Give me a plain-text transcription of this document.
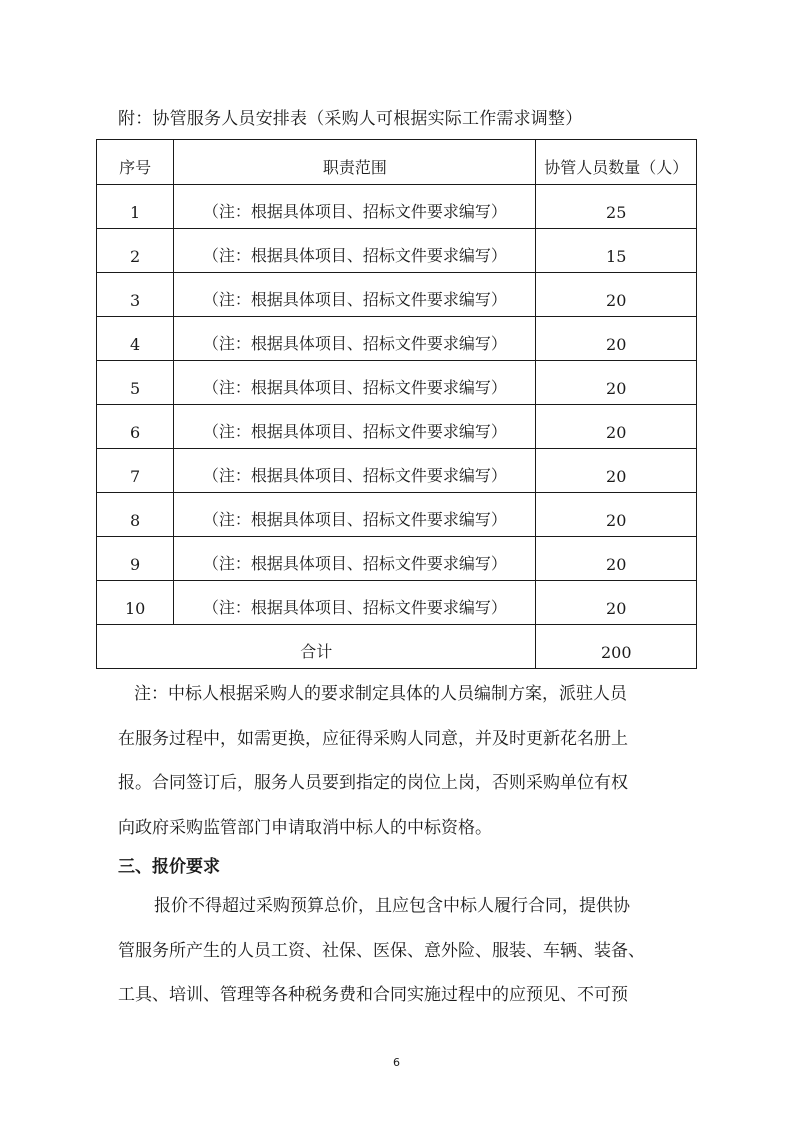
附：协管服务人员安排表（采购人可根据实际工作需求调整）
序号	职责范围	协管人员数量（人）
1	（注：根据具体项目、招标文件要求编写）	25
2	（注：根据具体项目、招标文件要求编写）	15
3	（注：根据具体项目、招标文件要求编写）	20
4	（注：根据具体项目、招标文件要求编写）	20
5	（注：根据具体项目、招标文件要求编写）	20
6	（注：根据具体项目、招标文件要求编写）	20
7	（注：根据具体项目、招标文件要求编写）	20
8	（注：根据具体项目、招标文件要求编写）	20
9	（注：根据具体项目、招标文件要求编写）	20
10	（注：根据具体项目、招标文件要求编写）	20
合计		200
注：中标人根据采购人的要求制定具体的人员编制方案，派驻人员
在服务过程中，如需更换，应征得采购人同意，并及时更新花名册上
报。合同签订后，服务人员要到指定的岗位上岗，否则采购单位有权
向政府采购监管部门申请取消中标人的中标资格。
三、报价要求
报价不得超过采购预算总价，且应包含中标人履行合同，提供协
管服务所产生的人员工资、社保、医保、意外险、服装、车辆、装备、
工具、培训、管理等各种税务费和合同实施过程中的应预见、不可预
6
